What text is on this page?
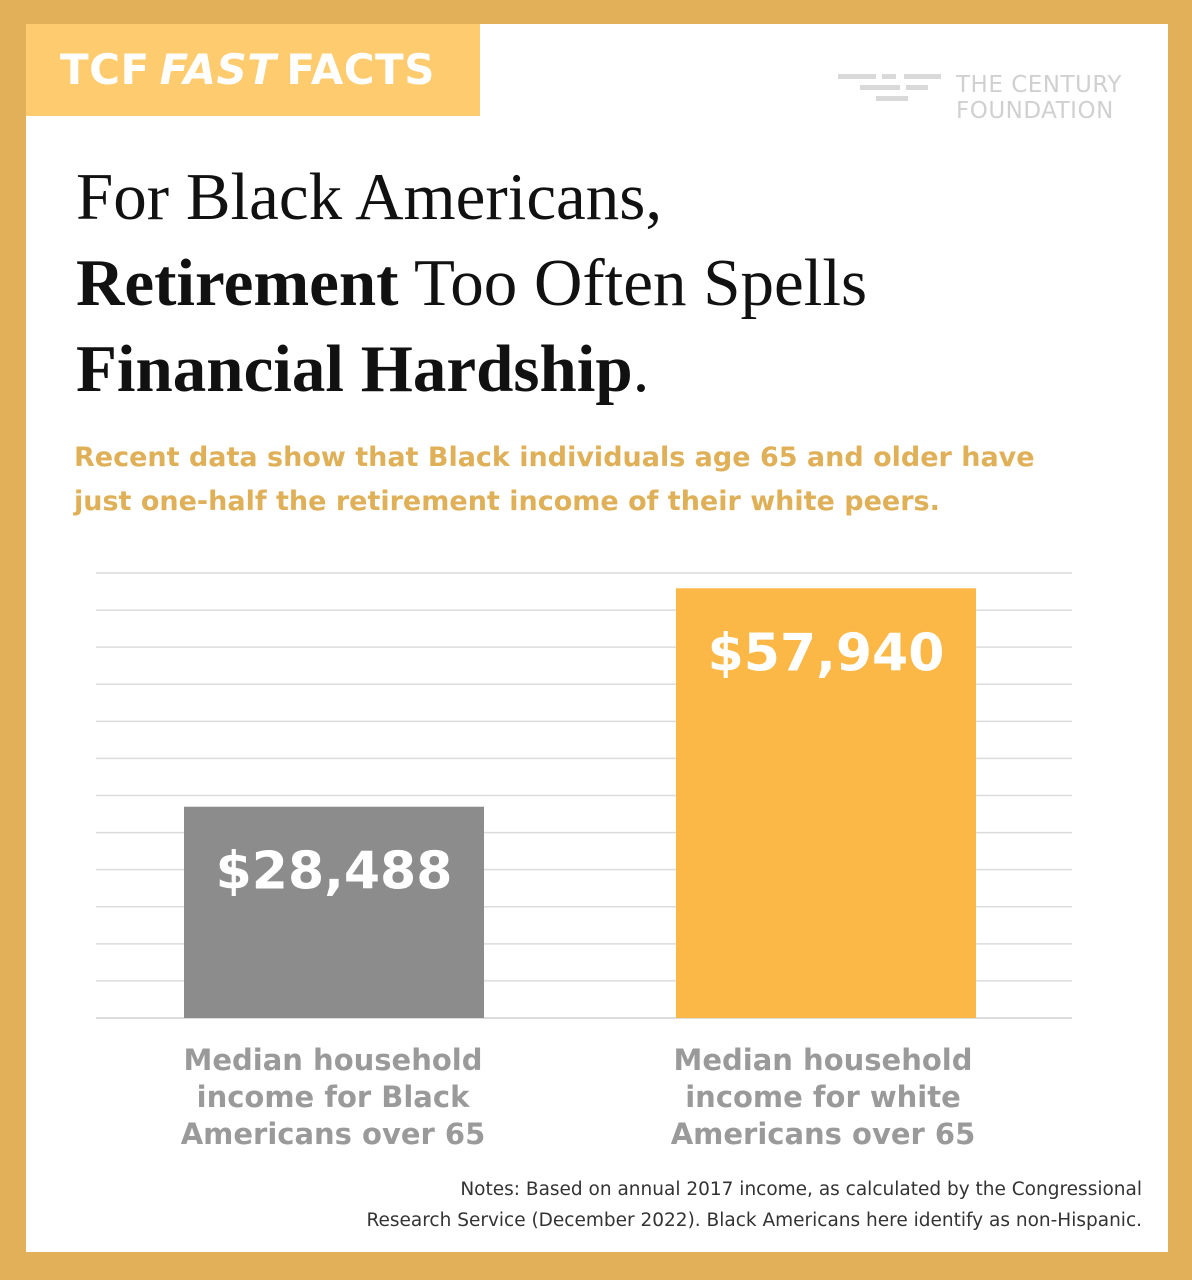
TCF FAST FACTS	THE CENTURY
FOUNDATION
For Black Americans,
Retirement Too Often Spells
Financial Hardship.

Recent data show that Black individuals age 65 and older have just one-half the retirement income of their white peers.

$28,488
$57,940
Median household
income for Black
Americans over 65
Median household
income for white
Americans over 65
Notes: Based on annual 2017 income, as calculated by the Congressional
Research Service (December 2022). Black Americans here identify as non-Hispanic.
